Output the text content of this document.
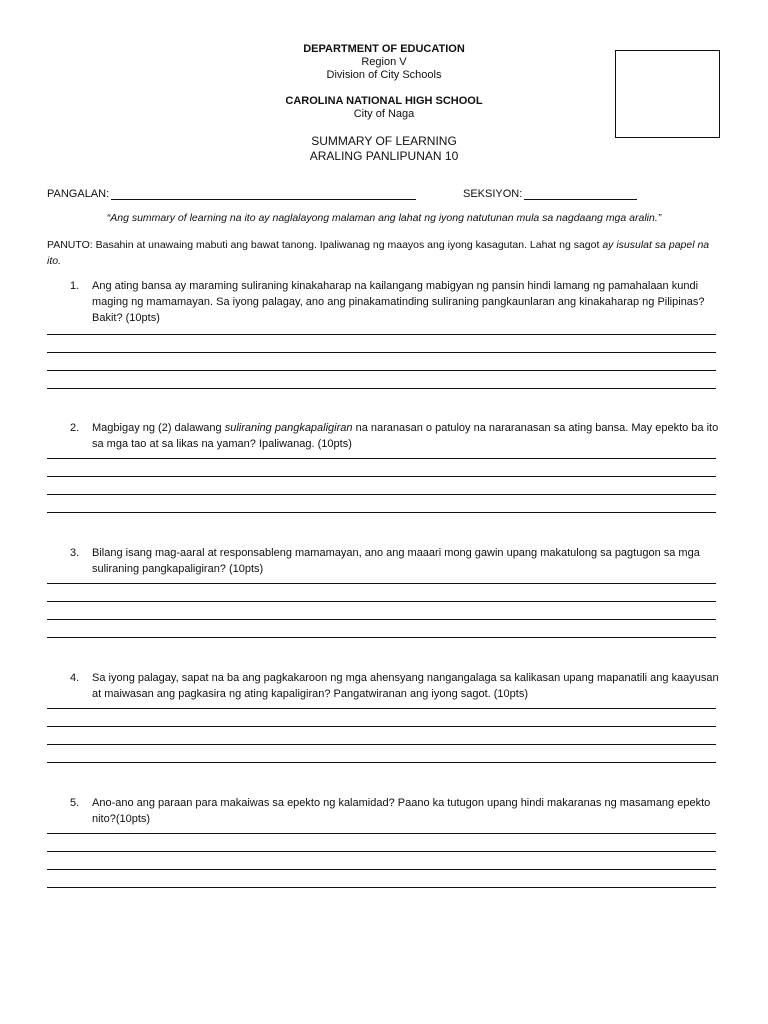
DEPARTMENT OF EDUCATION
Region V
Division of City Schools
CAROLINA NATIONAL HIGH SCHOOL
City of Naga
SUMMARY OF LEARNING
ARALING PANLIPUNAN 10
PANGALAN:	SEKSIYON:
“Ang summary of learning na ito ay naglalayong malaman ang lahat ng iyong natutunan mula sa nagdaang mga aralin.”
PANUTO: Basahin at unawaing mabuti ang bawat tanong. Ipaliwanag ng maayos ang iyong kasagutan. Lahat ng sagot ay isusulat sa papel na ito.
1. Ang ating bansa ay maraming suliraning kinakaharap na kailangang mabigyan ng pansin hindi lamang ng pamahalaan kundi maging ng mamamayan. Sa iyong palagay, ano ang pinakamatinding suliraning pangkaunlaran ang kinakaharap ng Pilipinas? Bakit? (10pts)
2. Magbigay ng (2) dalawang suliraning pangkapaligiran na naranasan o patuloy na nararanasan sa ating bansa. May epekto ba ito sa mga tao at sa likas na yaman? Ipaliwanag. (10pts)
3. Bilang isang mag-aaral at responsableng mamamayan, ano ang maaari mong gawin upang makatulong sa pagtugon sa mga suliraning pangkapaligiran? (10pts)
4. Sa iyong palagay, sapat na ba ang pagkakaroon ng mga ahensyang nangangalaga sa kalikasan upang mapanatili ang kaayusan at maiwasan ang pagkasira ng ating kapaligiran? Pangatwiranan ang iyong sagot. (10pts)
5. Ano-ano ang paraan para makaiwas sa epekto ng kalamidad? Paano ka tutugon upang hindi makaranas ng masamang epekto nito?(10pts)
